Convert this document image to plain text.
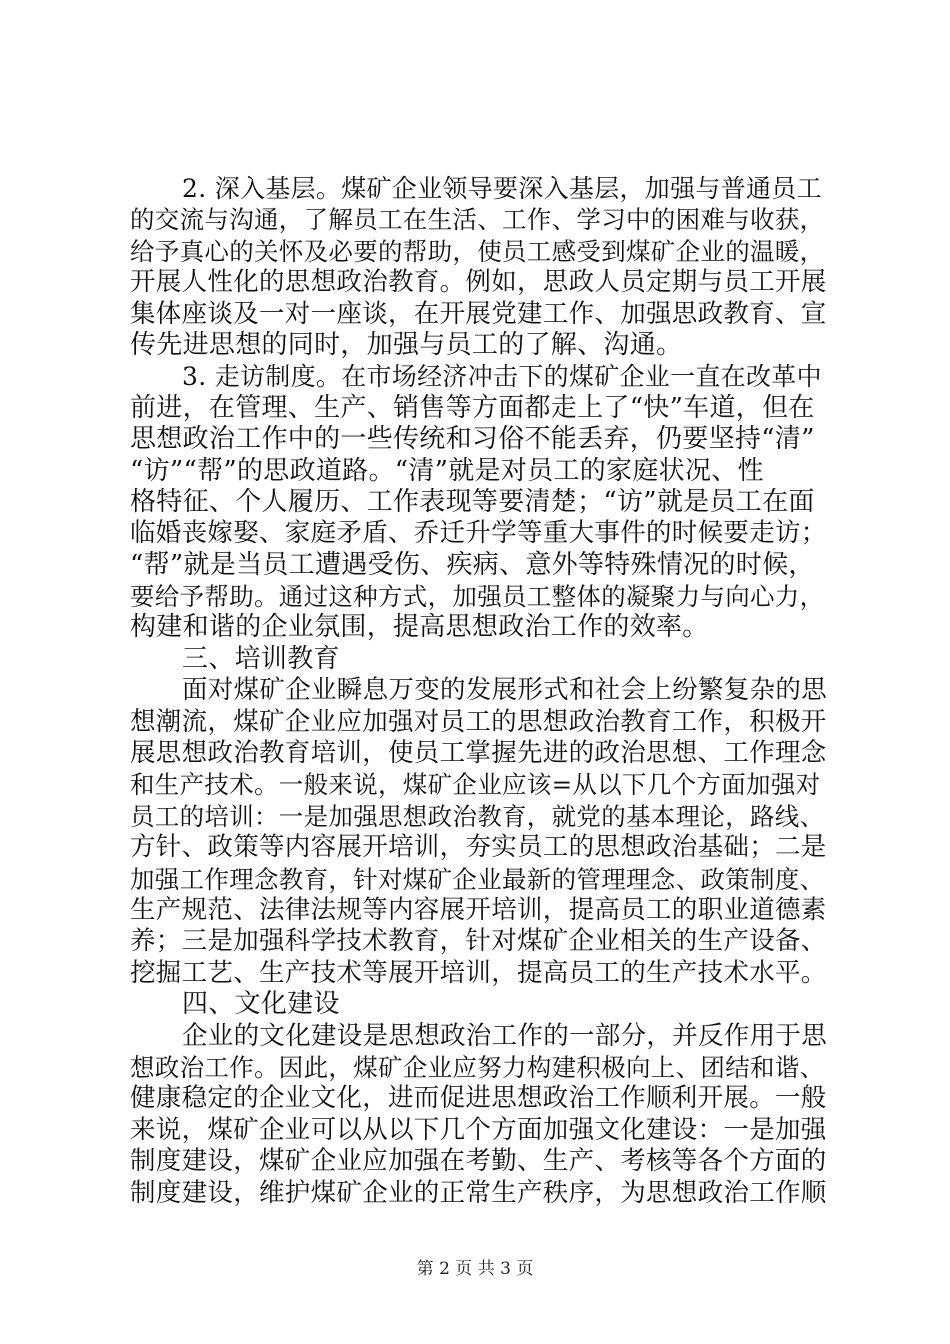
2. 深入基层。煤矿企业领导要深入基层，加强与普通员工
的交流与沟通，了解员工在生活、工作、学习中的困难与收获，
给予真心的关怀及必要的帮助，使员工感受到煤矿企业的温暖，
开展人性化的思想政治教育。例如，思政人员定期与员工开展
集体座谈及一对一座谈，在开展党建工作、加强思政教育、宣
传先进思想的同时，加强与员工的了解、沟通。
3. 走访制度。在市场经济冲击下的煤矿企业一直在改革中
前进，在管理、生产、销售等方面都走上了“快”车道，但在
思想政治工作中的一些传统和习俗不能丢弃，仍要坚持“清”
“访”“帮”的思政道路。“清”就是对员工的家庭状况、性
格特征、个人履历、工作表现等要清楚；“访”就是员工在面
临婚丧嫁娶、家庭矛盾、乔迁升学等重大事件的时候要走访；
“帮”就是当员工遭遇受伤、疾病、意外等特殊情况的时候，
要给予帮助。通过这种方式，加强员工整体的凝聚力与向心力，
构建和谐的企业氛围，提高思想政治工作的效率。
三、培训教育
面对煤矿企业瞬息万变的发展形式和社会上纷繁复杂的思
想潮流，煤矿企业应加强对员工的思想政治教育工作，积极开
展思想政治教育培训，使员工掌握先进的政治思想、工作理念
和生产技术。一般来说，煤矿企业应该=从以下几个方面加强对
员工的培训：一是加强思想政治教育，就党的基本理论，路线、
方针、政策等内容展开培训，夯实员工的思想政治基础；二是
加强工作理念教育，针对煤矿企业最新的管理理念、政策制度、
生产规范、法律法规等内容展开培训，提高员工的职业道德素
养；三是加强科学技术教育，针对煤矿企业相关的生产设备、
挖掘工艺、生产技术等展开培训，提高员工的生产技术水平。
四、文化建设
企业的文化建设是思想政治工作的一部分，并反作用于思
想政治工作。因此，煤矿企业应努力构建积极向上、团结和谐、
健康稳定的企业文化，进而促进思想政治工作顺利开展。一般
来说，煤矿企业可以从以下几个方面加强文化建设：一是加强
制度建设，煤矿企业应加强在考勤、生产、考核等各个方面的
制度建设，维护煤矿企业的正常生产秩序，为思想政治工作顺
第 2 页 共 3 页
